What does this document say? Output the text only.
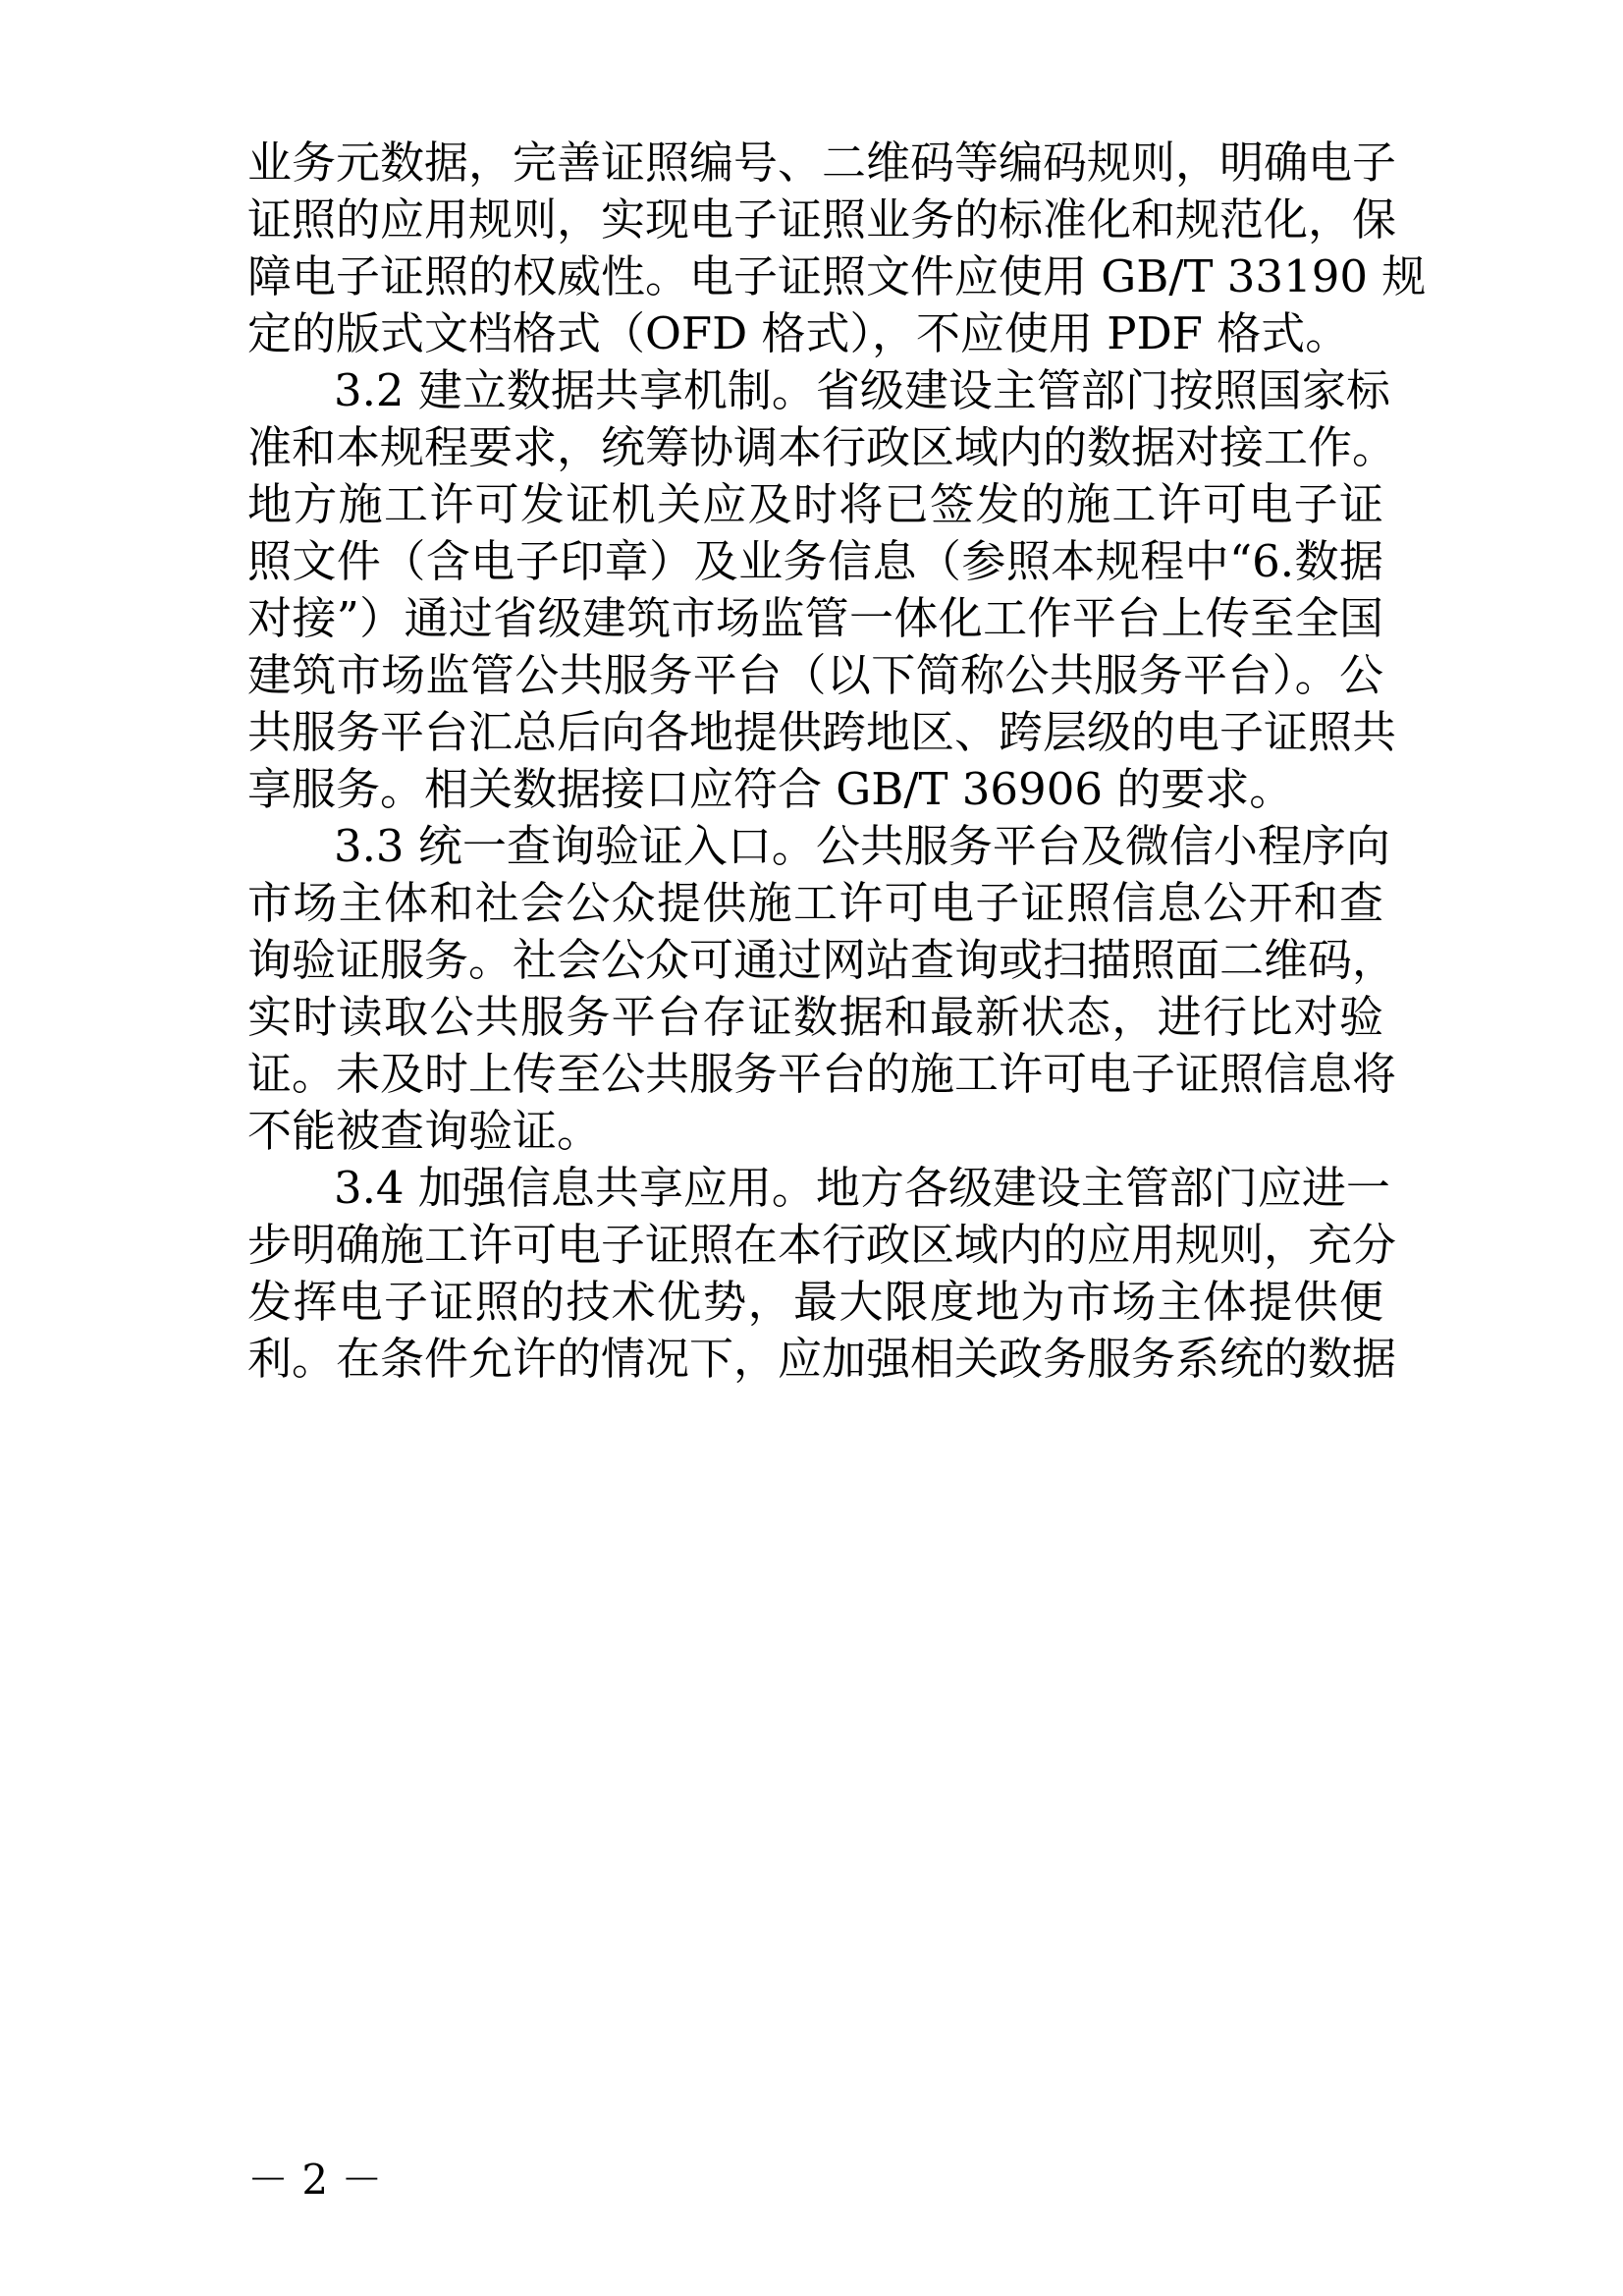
业务元数据，完善证照编号、二维码等编码规则，明确电子
证照的应用规则，实现电子证照业务的标准化和规范化，保
障电子证照的权威性。电子证照文件应使用 GB/T 33190 规
定的版式文档格式（OFD 格式），不应使用 PDF 格式。
3.2 建立数据共享机制。省级建设主管部门按照国家标
准和本规程要求，统筹协调本行政区域内的数据对接工作。
地方施工许可发证机关应及时将已签发的施工许可电子证
照文件（含电子印章）及业务信息（参照本规程中“6.数据
对接”）通过省级建筑市场监管一体化工作平台上传至全国
建筑市场监管公共服务平台（以下简称公共服务平台）。公
共服务平台汇总后向各地提供跨地区、跨层级的电子证照共
享服务。相关数据接口应符合 GB/T 36906 的要求。
3.3 统一查询验证入口。公共服务平台及微信小程序向
市场主体和社会公众提供施工许可电子证照信息公开和查
询验证服务。社会公众可通过网站查询或扫描照面二维码，
实时读取公共服务平台存证数据和最新状态，进行比对验
证。未及时上传至公共服务平台的施工许可电子证照信息将
不能被查询验证。
3.4 加强信息共享应用。地方各级建设主管部门应进一
步明确施工许可电子证照在本行政区域内的应用规则，充分
发挥电子证照的技术优势，最大限度地为市场主体提供便
利。在条件允许的情况下，应加强相关政务服务系统的数据
－ 2 －
